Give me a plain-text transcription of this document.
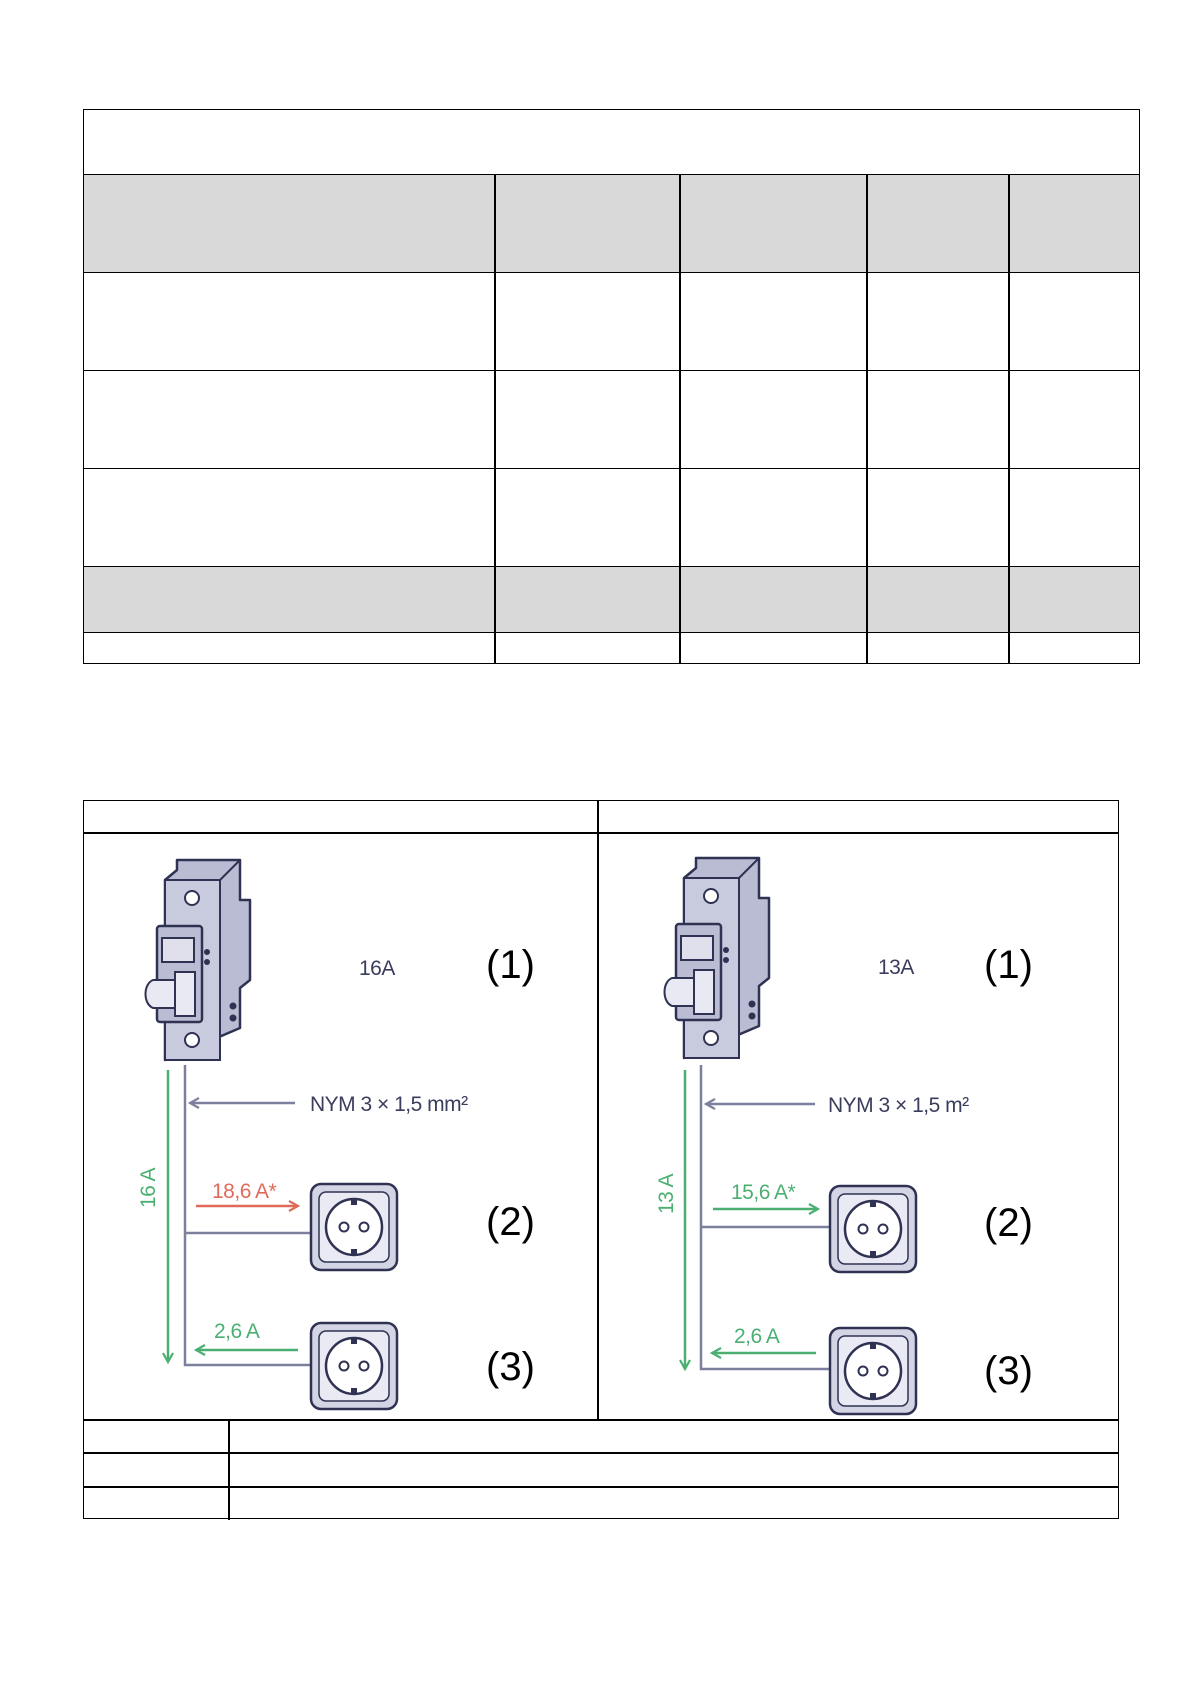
16A
NYM 3 × 1,5 mm²
16 A 18,6 A*
2,6 A
(1)
(2)
(3)
13A
NYM 3 × 1,5 m²
13 A	15,6 A*
2,6 A
(1)
(2)
(3)
